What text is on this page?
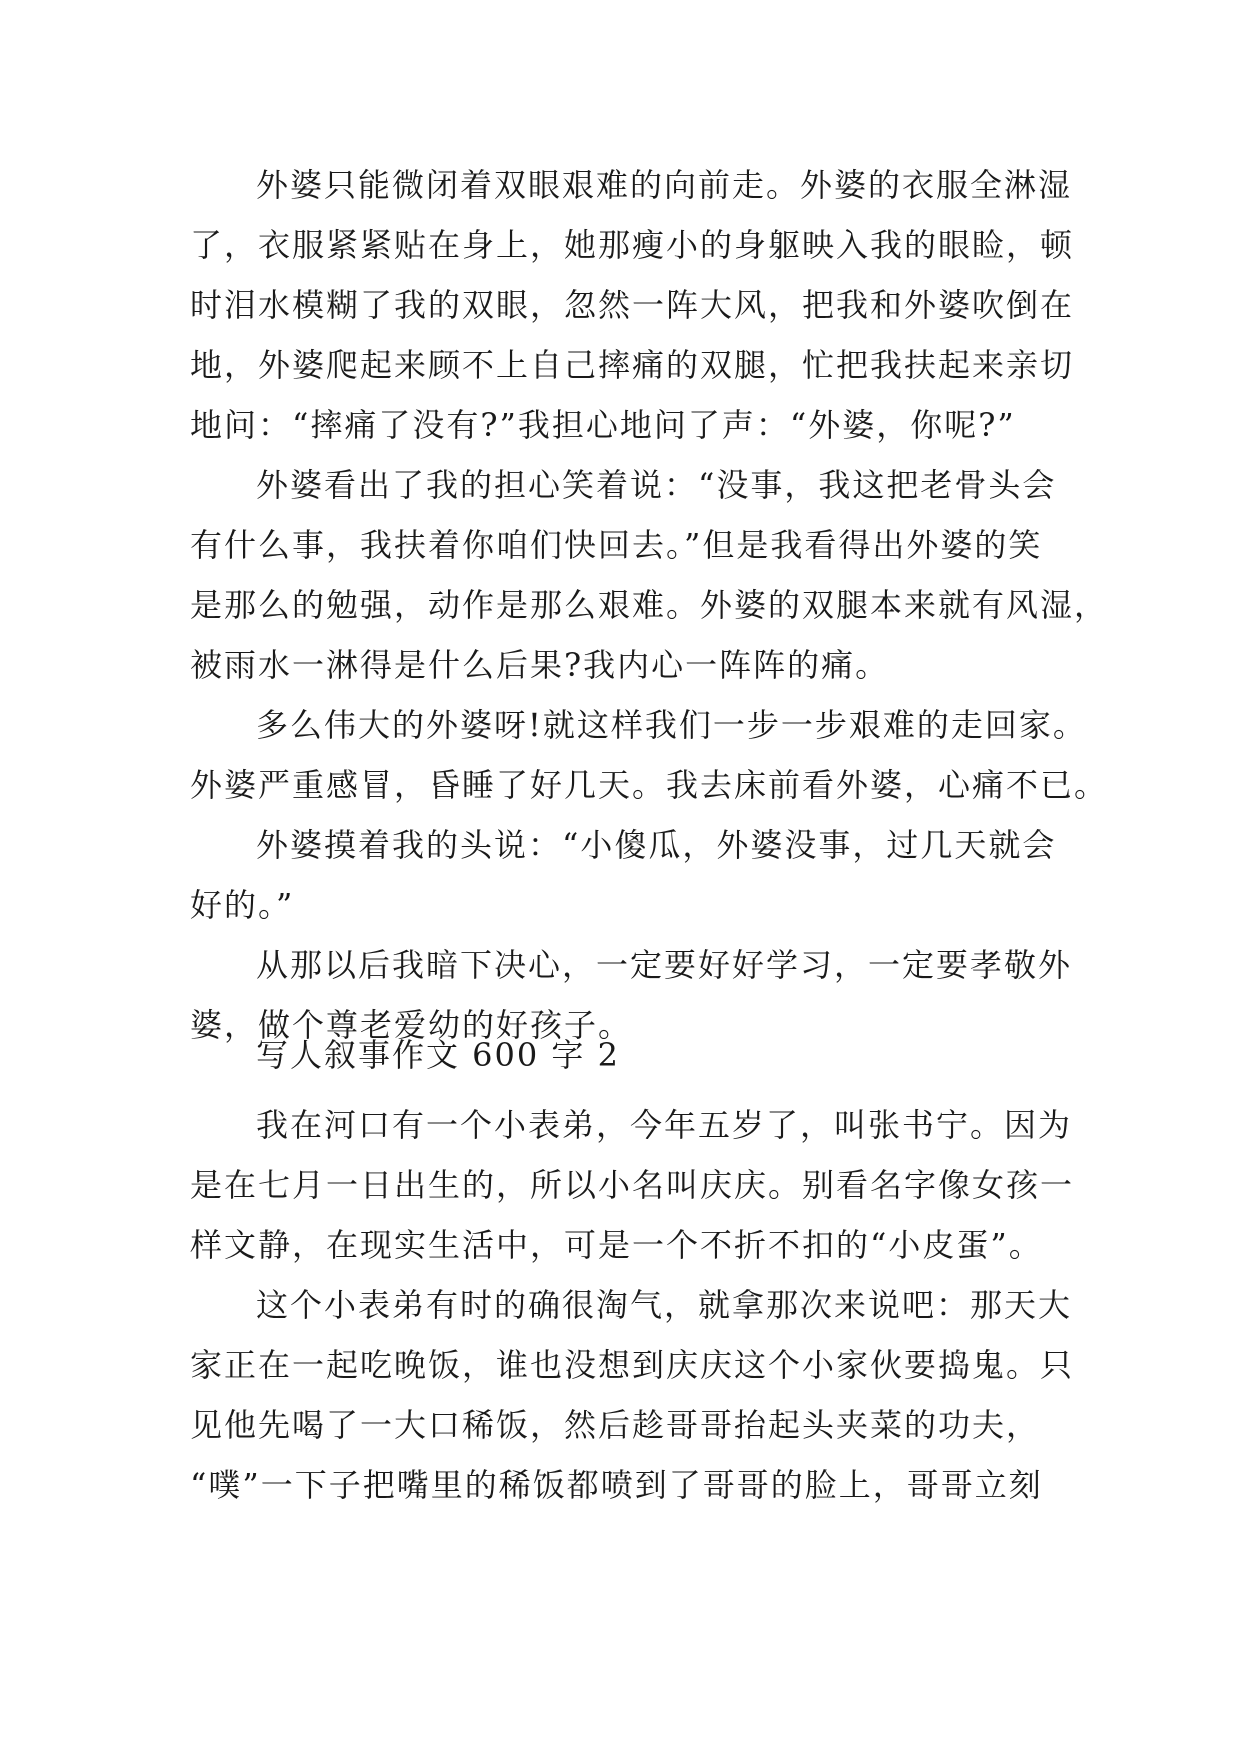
外婆只能微闭着双眼艰难的向前走。外婆的衣服全淋湿
了，衣服紧紧贴在身上，她那瘦小的身躯映入我的眼睑，顿
时泪水模糊了我的双眼，忽然一阵大风，把我和外婆吹倒在
地，外婆爬起来顾不上自己摔痛的双腿，忙把我扶起来亲切
地问：“摔痛了没有?”我担心地问了声：“外婆，你呢?”
外婆看出了我的担心笑着说：“没事，我这把老骨头会
有什么事，我扶着你咱们快回去。”但是我看得出外婆的笑
是那么的勉强，动作是那么艰难。外婆的双腿本来就有风湿，
被雨水一淋得是什么后果?我内心一阵阵的痛。
多么伟大的外婆呀!就这样我们一步一步艰难的走回家。
外婆严重感冒，昏睡了好几天。我去床前看外婆，心痛不已。
外婆摸着我的头说：“小傻瓜，外婆没事，过几天就会
好的。”
从那以后我暗下决心，一定要好好学习，一定要孝敬外
婆，做个尊老爱幼的好孩子。
写人叙事作文 600 字 2
我在河口有一个小表弟，今年五岁了，叫张书宁。因为
是在七月一日出生的，所以小名叫庆庆。别看名字像女孩一
样文静，在现实生活中，可是一个不折不扣的“小皮蛋”。
这个小表弟有时的确很淘气，就拿那次来说吧：那天大
家正在一起吃晚饭，谁也没想到庆庆这个小家伙要捣鬼。只
见他先喝了一大口稀饭，然后趁哥哥抬起头夹菜的功夫，
“噗”一下子把嘴里的稀饭都喷到了哥哥的脸上，哥哥立刻
